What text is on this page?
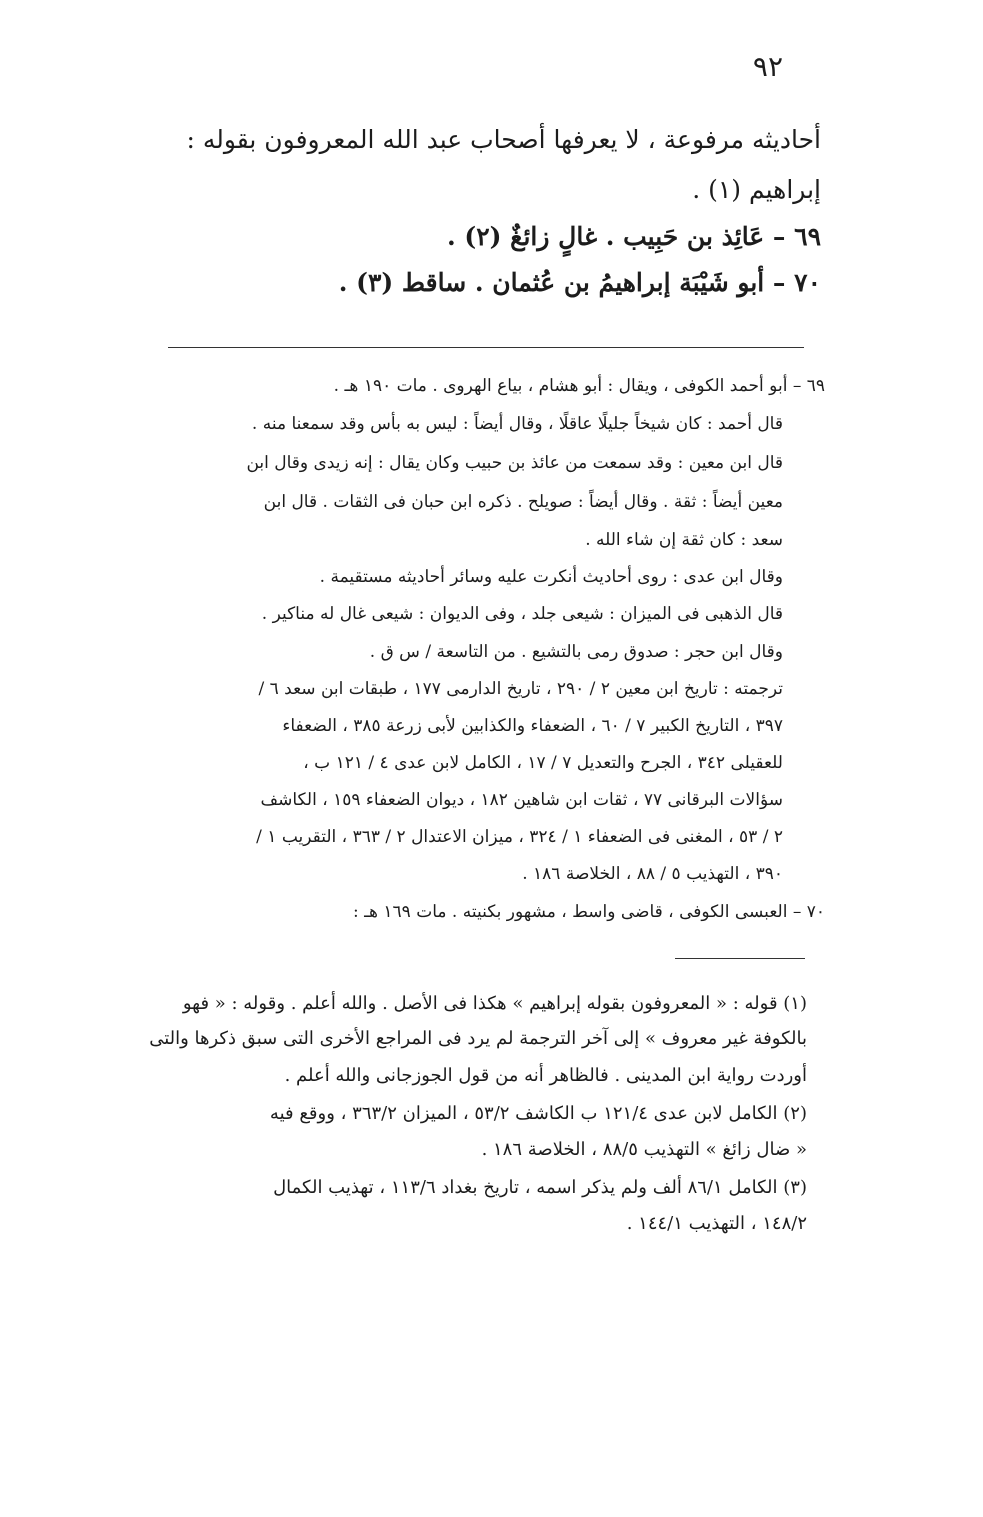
٩٢
أحاديثه مرفوعة ، لا يعرفها أصحاب عبد الله المعروفون بقوله :
إبراهيم (١) .
٦٩ – عَائِذ بن حَبِيب . غالٍ زائغٌ (٢) .
٧٠ – أبو شَيْبَة إبراهيمُ بن عُثمان . ساقط (٣) .
٦٩ – أبو أحمد الكوفى ، ويقال : أبو هشام ، بياع الهروى . مات ١٩٠ هـ .
قال أحمد : كان شيخاً جليلًا عاقلًا ، وقال أيضاً : ليس به بأس وقد سمعنا منه .
قال ابن معين : وقد سمعت من عائذ بن حبيب وكان يقال : إنه زيدى وقال ابن
معين أيضاً : ثقة . وقال أيضاً : صويلح . ذكره ابن حبان فى الثقات . قال ابن
سعد : كان ثقة إن شاء الله .
وقال ابن عدى : روى أحاديث أنكرت عليه وسائر أحاديثه مستقيمة .
قال الذهبى فى الميزان : شيعى جلد ، وفى الديوان : شيعى غال له مناكير .
وقال ابن حجر : صدوق رمى بالتشيع . من التاسعة / س ق .
ترجمته : تاريخ ابن معين ٢ / ٢٩٠ ، تاريخ الدارمى ١٧٧ ، طبقات ابن سعد ٦ /
٣٩٧ ، التاريخ الكبير ٧ / ٦٠ ، الضعفاء والكذابين لأبى زرعة ٣٨٥ ، الضعفاء
للعقيلى ٣٤٢ ، الجرح والتعديل ٧ / ١٧ ، الكامل لابن عدى ٤ / ١٢١ ب ،
سؤالات البرقانى ٧٧ ، ثقات ابن شاهين ١٨٢ ، ديوان الضعفاء ١٥٩ ، الكاشف
٢ / ٥٣ ، المغنى فى الضعفاء ١ / ٣٢٤ ، ميزان الاعتدال ٢ / ٣٦٣ ، التقريب ١ /
٣٩٠ ، التهذيب ٥ / ٨٨ ، الخلاصة ١٨٦ .
٧٠ – العبسى الكوفى ، قاضى واسط ، مشهور بكنيته . مات ١٦٩ هـ :
(١) قوله : « المعروفون بقوله إبراهيم » هكذا فى الأصل . والله أعلم . وقوله : « فهو
بالكوفة غير معروف » إلى آخر الترجمة لم يرد فى المراجع الأخرى التى سبق ذكرها والتى
أوردت رواية ابن المدينى . فالظاهر أنه من قول الجوزجانى والله أعلم .
(٢) الكامل لابن عدى ١٢١/٤ ب الكاشف ٥٣/٢ ، الميزان ٣٦٣/٢ ، ووقع فيه
« ضال زائغ » التهذيب ٨٨/٥ ، الخلاصة ١٨٦ .
(٣) الكامل ٨٦/١ ألف ولم يذكر اسمه ، تاريخ بغداد ١١٣/٦ ، تهذيب الكمال
١٤٨/٢ ، التهذيب ١٤٤/١ .
